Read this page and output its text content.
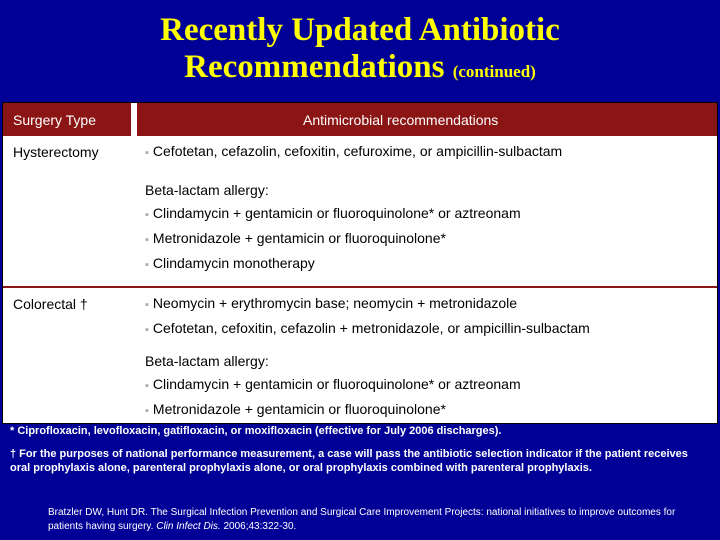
Recently Updated Antibiotic
Recommendations (continued)
Surgery Type	Antimicrobial recommendations
Hysterectomy	▪ Cefotetan, cefazolin, cefoxitin, cefuroxime, or ampicillin-sulbactam
Beta-lactam allergy:
▪ Clindamycin + gentamicin or fluoroquinolone* or aztreonam
▪ Metronidazole + gentamicin or fluoroquinolone*
▪ Clindamycin monotherapy
Colorectal †	▪ Neomycin + erythromycin base; neomycin + metronidazole
▪ Cefotetan, cefoxitin, cefazolin + metronidazole, or ampicillin-sulbactam
Beta-lactam allergy:
▪ Clindamycin + gentamicin or fluoroquinolone* or aztreonam
▪ Metronidazole + gentamicin or fluoroquinolone*

* Ciprofloxacin, levofloxacin, gatifloxacin, or moxifloxacin (effective for July 2006 discharges).

† For the purposes of national performance measurement, a case will pass the antibiotic selection indicator if the patient receives oral prophylaxis alone, parenteral prophylaxis alone, or oral prophylaxis combined with parenteral prophylaxis.

Bratzler DW, Hunt DR. The Surgical Infection Prevention and Surgical Care Improvement Projects: national initiatives to improve outcomes for patients having surgery. Clin Infect Dis. 2006;43:322-30.
